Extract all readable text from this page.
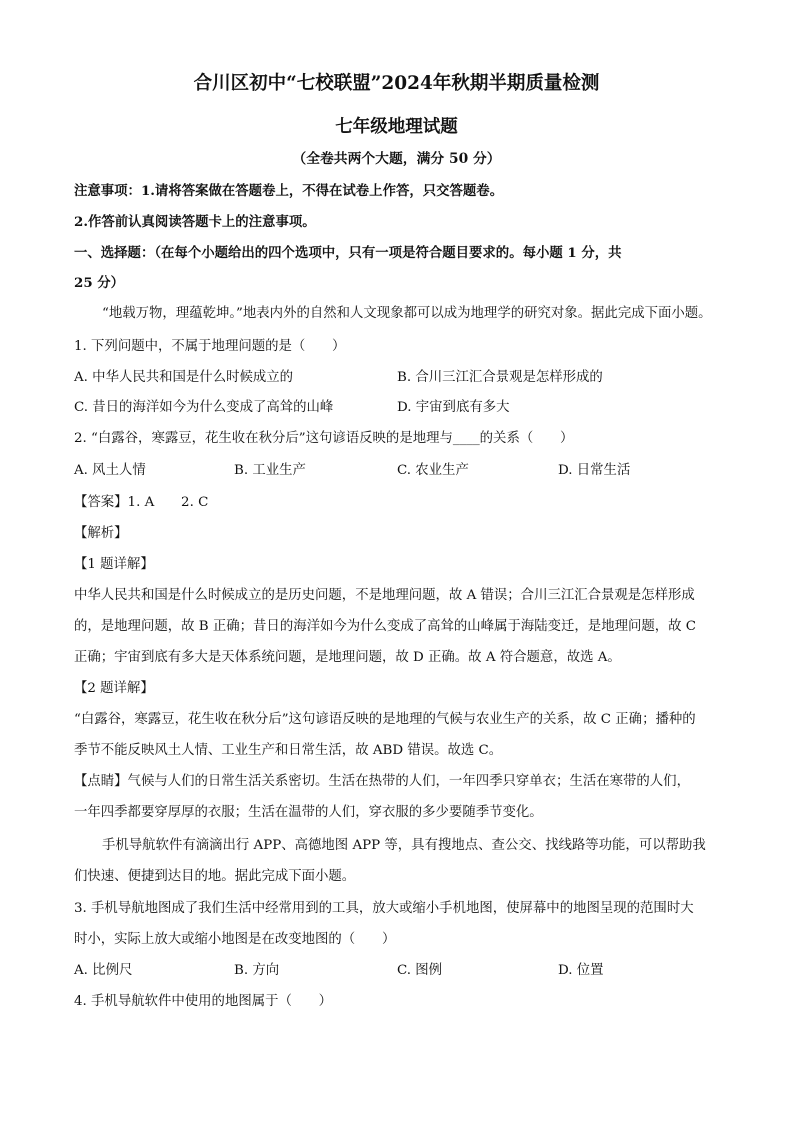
合川区初中“七校联盟”2024年秋期半期质量检测
七年级地理试题
（全卷共两个大题，满分 50 分）
注意事项：1.请将答案做在答题卷上，不得在试卷上作答，只交答题卷。
2.作答前认真阅读答题卡上的注意事项。
一、选择题：（在每个小题给出的四个选项中，只有一项是符合题目要求的。每小题 1 分，共
25 分）
“地载万物，理蕴乾坤。”地表内外的自然和人文现象都可以成为地理学的研究对象。据此完成下面小题。
1. 下列问题中，不属于地理问题的是（　　）
A. 中华人民共和国是什么时候成立的	B. 合川三江汇合景观是怎样形成的
C. 昔日的海洋如今为什么变成了高耸的山峰	D. 宇宙到底有多大
2. “白露谷，寒露豆，花生收在秋分后”这句谚语反映的是地理与____的关系（　　）
A. 风土人情	B. 工业生产	C. 农业生产	D. 日常生活
【答案】1. A　　2. C
【解析】
【1 题详解】
中华人民共和国是什么时候成立的是历史问题，不是地理问题，故 A 错误；合川三江汇合景观是怎样形成
的，是地理问题，故 B 正确；昔日的海洋如今为什么变成了高耸的山峰属于海陆变迁，是地理问题，故 C
正确；宇宙到底有多大是天体系统问题，是地理问题，故 D 正确。故 A 符合题意，故选 A。
【2 题详解】
“白露谷，寒露豆，花生收在秋分后”这句谚语反映的是地理的气候与农业生产的关系，故 C 正确；播种的
季节不能反映风土人情、工业生产和日常生活，故 ABD 错误。故选 C。
【点睛】气候与人们的日常生活关系密切。生活在热带的人们，一年四季只穿单衣；生活在寒带的人们，
一年四季都要穿厚厚的衣服；生活在温带的人们，穿衣服的多少要随季节变化。
手机导航软件有滴滴出行 APP、高德地图 APP 等，具有搜地点、查公交、找线路等功能，可以帮助我
们快速、便捷到达目的地。据此完成下面小题。
3. 手机导航地图成了我们生活中经常用到的工具，放大或缩小手机地图，使屏幕中的地图呈现的范围时大
时小，实际上放大或缩小地图是在改变地图的（　　）
A. 比例尺	B. 方向	C. 图例	D. 位置
4. 手机导航软件中使用的地图属于（　　）
